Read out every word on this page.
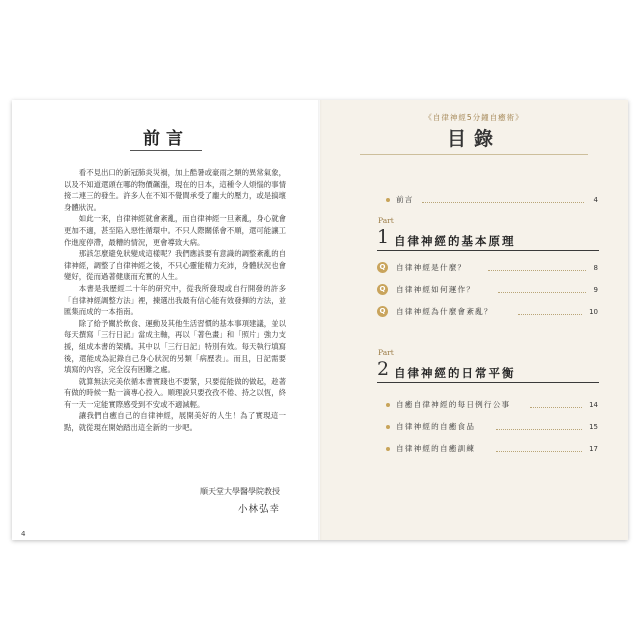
前言

看不見出口的新冠肺炎災禍，加上酷暑或豪雨之類的異常氣象，以及不知道還頭在哪的物價飆漲，現在的日本，這種令人煩惱的事情接二連三的發生。許多人在不知不覺間承受了龐大的壓力，或是搞壞身體狀況。

如此一來，自律神經就會紊亂，而自律神經一旦紊亂，身心就會更加不適，甚至陷入惡性循環中。不只人際關係會不順，還可能讓工作進度停滯，最糟的情況，更會導致大病。

那該怎麼避免狀變成這樣呢？我們應該要有意識的調整紊亂的自律神經，調整了自律神經之後，不只心靈能精力充沛，身體狀況也會變好，從而過著健康而充實的人生。

本書是我歷經二十年的研究中，從我所發現或自行開發的許多「自律神經調整方法」裡，揀選出我最有信心能有效發揮的方法，並匯集而成的一本指南。

除了給予關於飲食、運動及其他生活習慣的基本事項建議，並以每天撰寫「三行日記」當成主軸，再以「著色畫」和「照片」強力支援，組成本書的架構。其中以「三行日記」特別有效。每天執行填寫後，還能成為記錄自己身心狀況的另類「病歷表」。而且，日記需要填寫的內容，完全沒有困難之處。

就算無法完美依循本書實踐也不要緊，只要從能做的做起，趁著有做的時候一點一滴專心投入。順理說只要孜孜不倦、持之以恆，終有一天一定能實際感受到不安或不適減輕。

讓我們自癒自己的自律神經，展開美好的人生！為了實現這一點，就從現在開始踏出這全新的一步吧。

順天堂大學醫學院教授
小林弘幸
4
《自律神經5分鐘自癒術》
目錄
前言	4
Part
1 自律神經的基本原理
Q	自律神經是什麼？	8
Q	自律神經如何運作？	9
Q	自律神經為什麼會紊亂？	10
Part
2 自律神經的日常平衡
自癒自律神經的每日例行公事	14
自律神經的自癒食品	15
自律神經的自癒訓練	17
